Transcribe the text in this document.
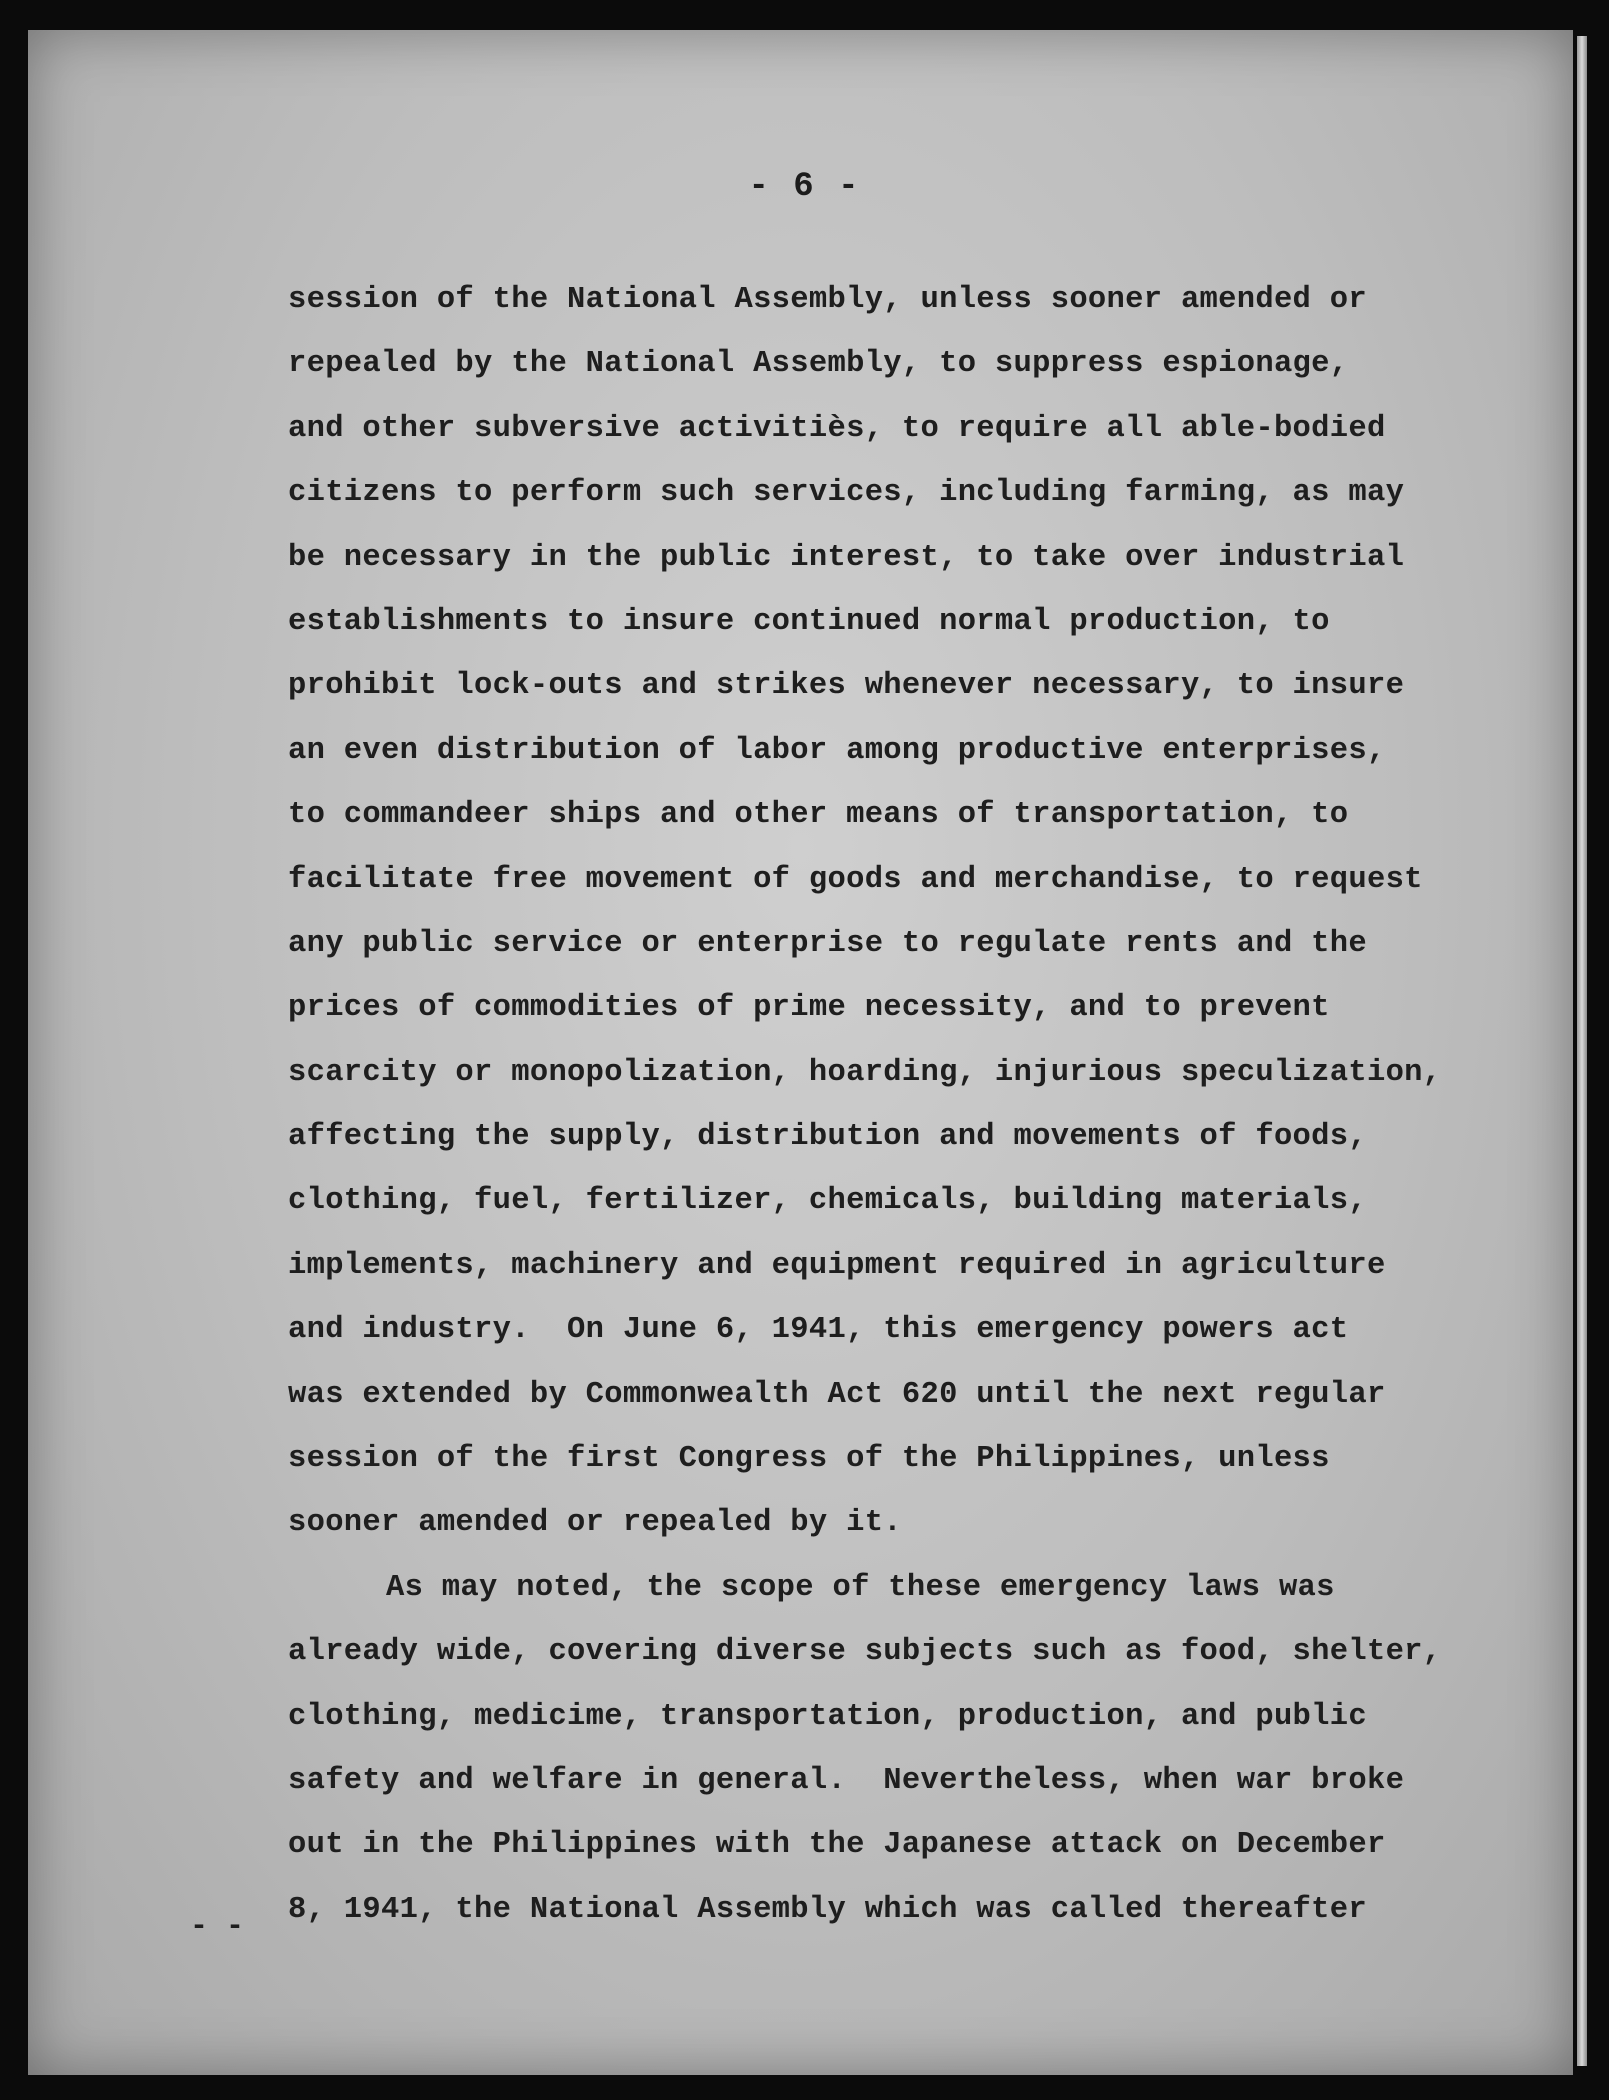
- 6 -
session of the National Assembly, unless sooner amended or
repealed by the National Assembly, to suppress espionage,
and other subversive activitiès, to require all able-bodied
citizens to perform such services, including farming, as may
be necessary in the public interest, to take over industrial
establishments to insure continued normal production, to
prohibit lock-outs and strikes whenever necessary, to insure
an even distribution of labor among productive enterprises,
to commandeer ships and other means of transportation, to
facilitate free movement of goods and merchandise, to request
any public service or enterprise to regulate rents and the
prices of commodities of prime necessity, and to prevent
scarcity or monopolization, hoarding, injurious speculization,
affecting the supply, distribution and movements of foods,
clothing, fuel, fertilizer, chemicals, building materials,
implements, machinery and equipment required in agriculture
and industry.  On June 6, 1941, this emergency powers act
was extended by Commonwealth Act 620 until the next regular
session of the first Congress of the Philippines, unless
sooner amended or repealed by it.
As may noted, the scope of these emergency laws was
already wide, covering diverse subjects such as food, shelter,
clothing, medicime, transportation, production, and public
safety and welfare in general.  Nevertheless, when war broke
out in the Philippines with the Japanese attack on December
8, 1941, the National Assembly which was called thereafter
- -
